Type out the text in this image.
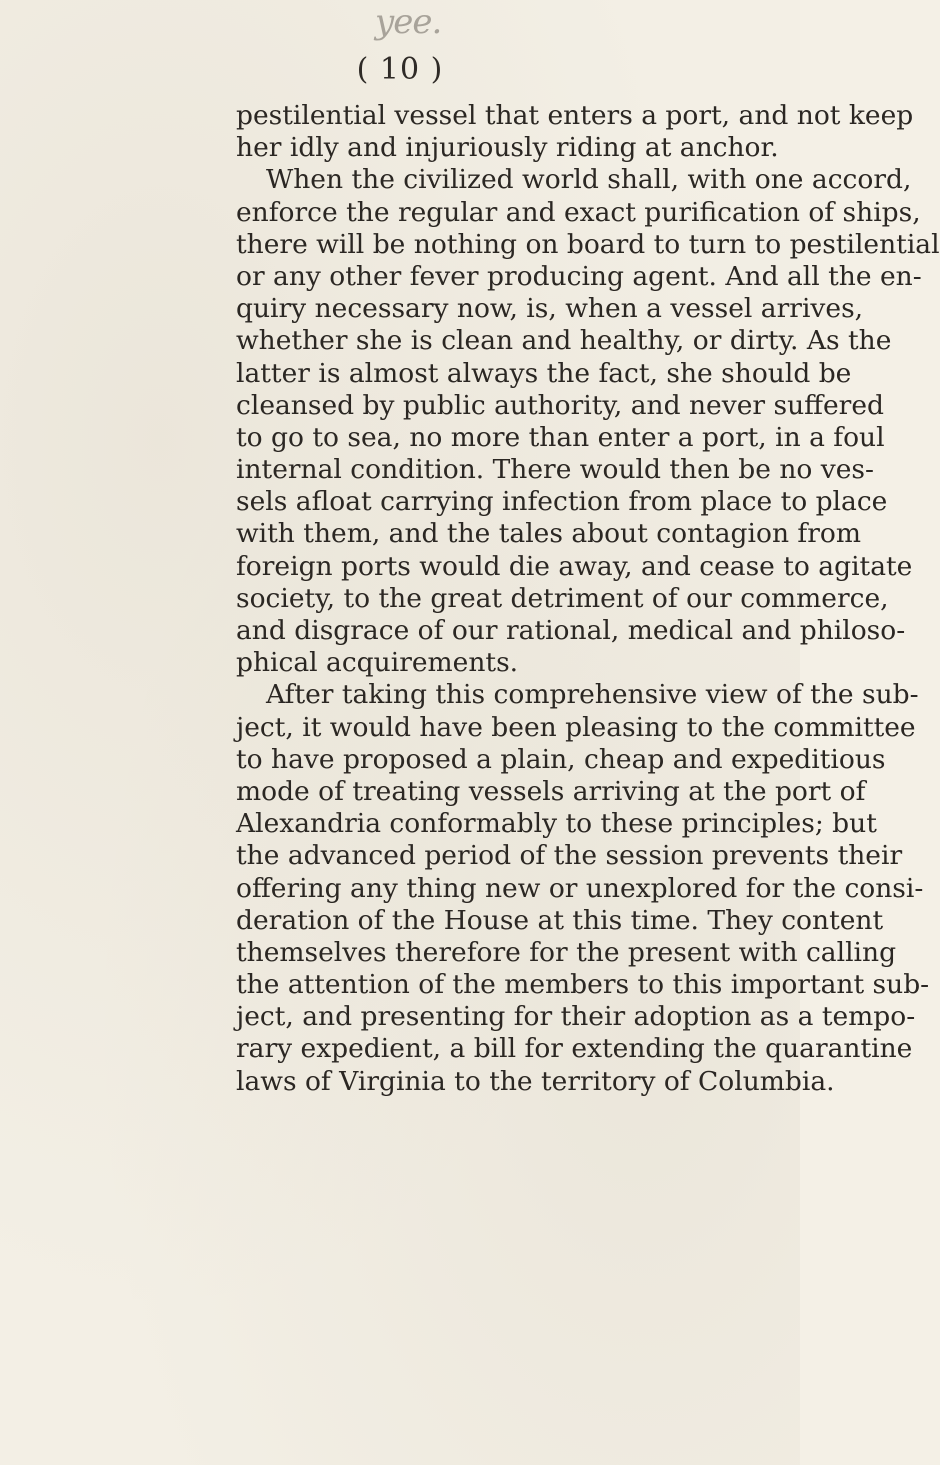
yee.
( 10 )
pestilential vessel that enters a port, and not keep
her idly and injuriously riding at anchor.
When the civilized world shall, with one accord,
enforce the regular and exact purification of ships,
there will be nothing on board to turn to pestilential
or any other fever producing agent. And all the en-
quiry necessary now, is, when a vessel arrives,
whether she is clean and healthy, or dirty. As the
latter is almost always the fact, she should be
cleansed by public authority, and never suffered
to go to sea, no more than enter a port, in a foul
internal condition. There would then be no ves-
sels afloat carrying infection from place to place
with them, and the tales about contagion from
foreign ports would die away, and cease to agitate
society, to the great detriment of our commerce,
and disgrace of our rational, medical and philoso-
phical acquirements.
After taking this comprehensive view of the sub-
ject, it would have been pleasing to the committee
to have proposed a plain, cheap and expeditious
mode of treating vessels arriving at the port of
Alexandria conformably to these principles; but
the advanced period of the session prevents their
offering any thing new or unexplored for the consi-
deration of the House at this time. They content
themselves therefore for the present with calling
the attention of the members to this important sub-
ject, and presenting for their adoption as a tempo-
rary expedient, a bill for extending the quarantine
laws of Virginia to the territory of Columbia.
